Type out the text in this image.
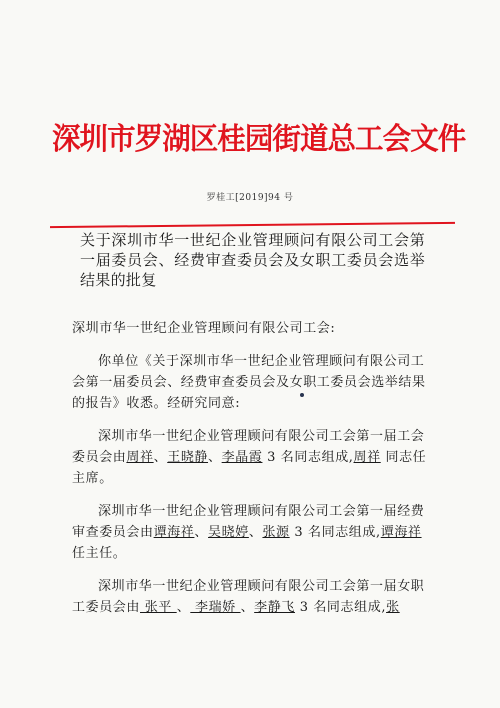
深圳市罗湖区桂园街道总工会文件
罗桂工[2019]94 号
关于深圳市华一世纪企业管理顾问有限公司工会第一届委员会、经费审查委员会及女职工委员会选举结果的批复

深圳市华一世纪企业管理顾问有限公司工会:

你单位《关于深圳市华一世纪企业管理顾问有限公司工会第一届委员会、经费审查委员会及女职工委员会选举结果的报告》收悉。经研究同意:

深圳市华一世纪企业管理顾问有限公司工会第一届工会委员会由周祥、王晓静、李晶霞 3 名同志组成,周祥 同志任主席。

深圳市华一世纪企业管理顾问有限公司工会第一届经费审查委员会由谭海祥、吴晓婷、张源 3 名同志组成,谭海祥 任主任。

深圳市华一世纪企业管理顾问有限公司工会第一届女职工委员会由 张平 、 李瑞娇 、李静飞 3 名同志组成,张
